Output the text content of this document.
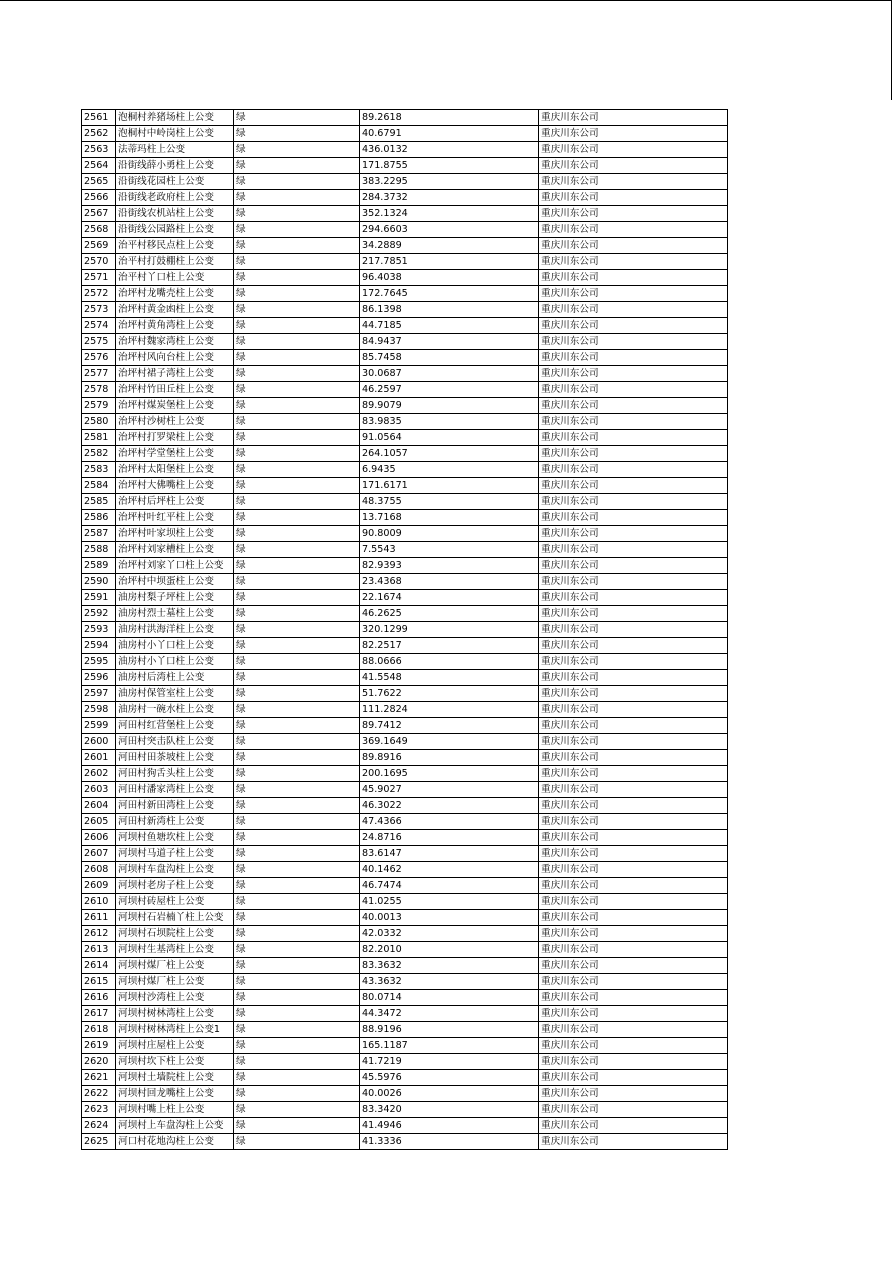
2561	泡桐村养猪场柱上公变	绿	89.2618	重庆川东公司
2562	泡桐村中岭岗柱上公变	绿	40.6791	重庆川东公司
2563	法蒂玛柱上公变	绿	436.0132	重庆川东公司
2564	沿街线薛小勇柱上公变	绿	171.8755	重庆川东公司
2565	沿街线花园柱上公变	绿	383.2295	重庆川东公司
2566	沿街线老政府柱上公变	绿	284.3732	重庆川东公司
2567	沿街线农机站柱上公变	绿	352.1324	重庆川东公司
2568	沿街线公园路柱上公变	绿	294.6603	重庆川东公司
2569	治平村移民点柱上公变	绿	34.2889	重庆川东公司
2570	治平村打鼓棚柱上公变	绿	217.7851	重庆川东公司
2571	治平村丫口柱上公变	绿	96.4038	重庆川东公司
2572	治坪村龙嘴壳柱上公变	绿	172.7645	重庆川东公司
2573	治坪村黄金凼柱上公变	绿	86.1398	重庆川东公司
2574	治坪村黄角湾柱上公变	绿	44.7185	重庆川东公司
2575	治坪村魏家湾柱上公变	绿	84.9437	重庆川东公司
2576	治坪村风向台柱上公变	绿	85.7458	重庆川东公司
2577	治坪村裙子湾柱上公变	绿	30.0687	重庆川东公司
2578	治坪村竹田丘柱上公变	绿	46.2597	重庆川东公司
2579	治坪村煤炭堡柱上公变	绿	89.9079	重庆川东公司
2580	治坪村沙树柱上公变	绿	83.9835	重庆川东公司
2581	治坪村打罗梁柱上公变	绿	91.0564	重庆川东公司
2582	治坪村学堂堡柱上公变	绿	264.1057	重庆川东公司
2583	治坪村太阳堡柱上公变	绿	6.9435	重庆川东公司
2584	治坪村大佛嘴柱上公变	绿	171.6171	重庆川东公司
2585	治坪村后坪柱上公变	绿	48.3755	重庆川东公司
2586	治坪村叶红平柱上公变	绿	13.7168	重庆川东公司
2587	治坪村叶家坝柱上公变	绿	90.8009	重庆川东公司
2588	治坪村刘家槽柱上公变	绿	7.5543	重庆川东公司
2589	治坪村刘家丫口柱上公变	绿	82.9393	重庆川东公司
2590	治坪村中坝蛋柱上公变	绿	23.4368	重庆川东公司
2591	油房村梨子坪柱上公变	绿	22.1674	重庆川东公司
2592	油房村烈士墓柱上公变	绿	46.2625	重庆川东公司
2593	油房村洪海洋柱上公变	绿	320.1299	重庆川东公司
2594	油房村小丫口柱上公变	绿	82.2517	重庆川东公司
2595	油房村小丫口柱上公变	绿	88.0666	重庆川东公司
2596	油房村后湾柱上公变	绿	41.5548	重庆川东公司
2597	油房村保管室柱上公变	绿	51.7622	重庆川东公司
2598	油房村一碗水柱上公变	绿	111.2824	重庆川东公司
2599	河田村红营堡柱上公变	绿	89.7412	重庆川东公司
2600	河田村突击队柱上公变	绿	369.1649	重庆川东公司
2601	河田村田茶坡柱上公变	绿	89.8916	重庆川东公司
2602	河田村狗舌头柱上公变	绿	200.1695	重庆川东公司
2603	河田村潘家湾柱上公变	绿	45.9027	重庆川东公司
2604	河田村新田湾柱上公变	绿	46.3022	重庆川东公司
2605	河田村新湾柱上公变	绿	47.4366	重庆川东公司
2606	河坝村鱼塘坎柱上公变	绿	24.8716	重庆川东公司
2607	河坝村马道子柱上公变	绿	83.6147	重庆川东公司
2608	河坝村车盘沟柱上公变	绿	40.1462	重庆川东公司
2609	河坝村老房子柱上公变	绿	46.7474	重庆川东公司
2610	河坝村砖屋柱上公变	绿	41.0255	重庆川东公司
2611	河坝村石岩楠丫柱上公变	绿	40.0013	重庆川东公司
2612	河坝村石坝院柱上公变	绿	42.0332	重庆川东公司
2613	河坝村生基湾柱上公变	绿	82.2010	重庆川东公司
2614	河坝村煤厂柱上公变	绿	83.3632	重庆川东公司
2615	河坝村煤厂柱上公变	绿	43.3632	重庆川东公司
2616	河坝村沙湾柱上公变	绿	80.0714	重庆川东公司
2617	河坝村树林湾柱上公变	绿	44.3472	重庆川东公司
2618	河坝村树林湾柱上公变1	绿	88.9196	重庆川东公司
2619	河坝村庄屋柱上公变	绿	165.1187	重庆川东公司
2620	河坝村坎下柱上公变	绿	41.7219	重庆川东公司
2621	河坝村土墙院柱上公变	绿	45.5976	重庆川东公司
2622	河坝村回龙嘴柱上公变	绿	40.0026	重庆川东公司
2623	河坝村嘴上柱上公变	绿	83.3420	重庆川东公司
2624	河坝村上车盘沟柱上公变	绿	41.4946	重庆川东公司
2625	河口村花地沟柱上公变	绿	41.3336	重庆川东公司
